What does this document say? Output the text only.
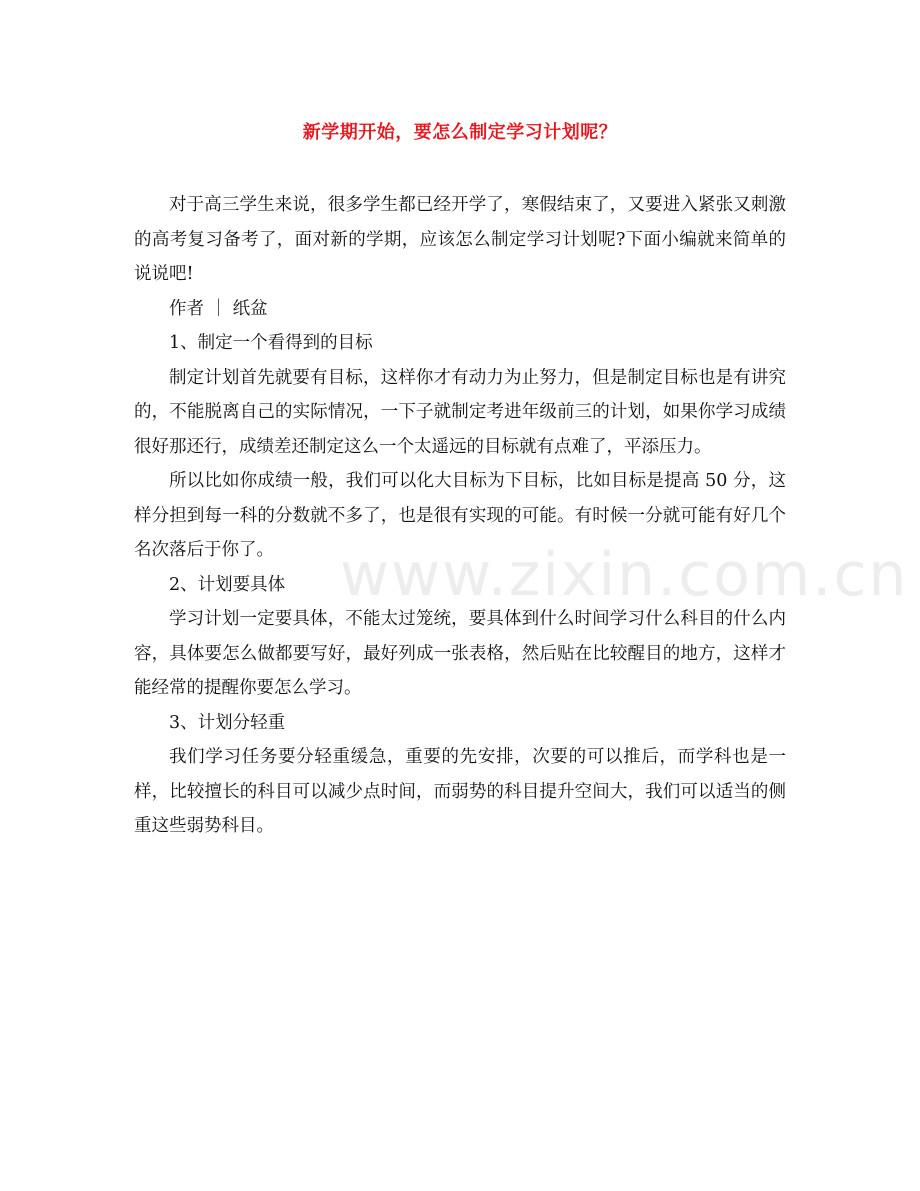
www.zixin.com.cn
新学期开始，要怎么制定学习计划呢？

对于高三学生来说，很多学生都已经开学了，寒假结束了，又要进入紧张又刺激的高考复习备考了，面对新的学期，应该怎么制定学习计划呢?下面小编就来简单的说说吧!

作者 ｜ 纸盆

1、制定一个看得到的目标

制定计划首先就要有目标，这样你才有动力为止努力，但是制定目标也是有讲究的，不能脱离自己的实际情况，一下子就制定考进年级前三的计划，如果你学习成绩很好那还行，成绩差还制定这么一个太遥远的目标就有点难了，平添压力。

所以比如你成绩一般，我们可以化大目标为下目标，比如目标是提高 50 分，这样分担到每一科的分数就不多了，也是很有实现的可能。有时候一分就可能有好几个名次落后于你了。

2、计划要具体

学习计划一定要具体，不能太过笼统，要具体到什么时间学习什么科目的什么内容，具体要怎么做都要写好，最好列成一张表格，然后贴在比较醒目的地方，这样才能经常的提醒你要怎么学习。

3、计划分轻重

我们学习任务要分轻重缓急，重要的先安排，次要的可以推后，而学科也是一样，比较擅长的科目可以减少点时间，而弱势的科目提升空间大，我们可以适当的侧重这些弱势科目。
